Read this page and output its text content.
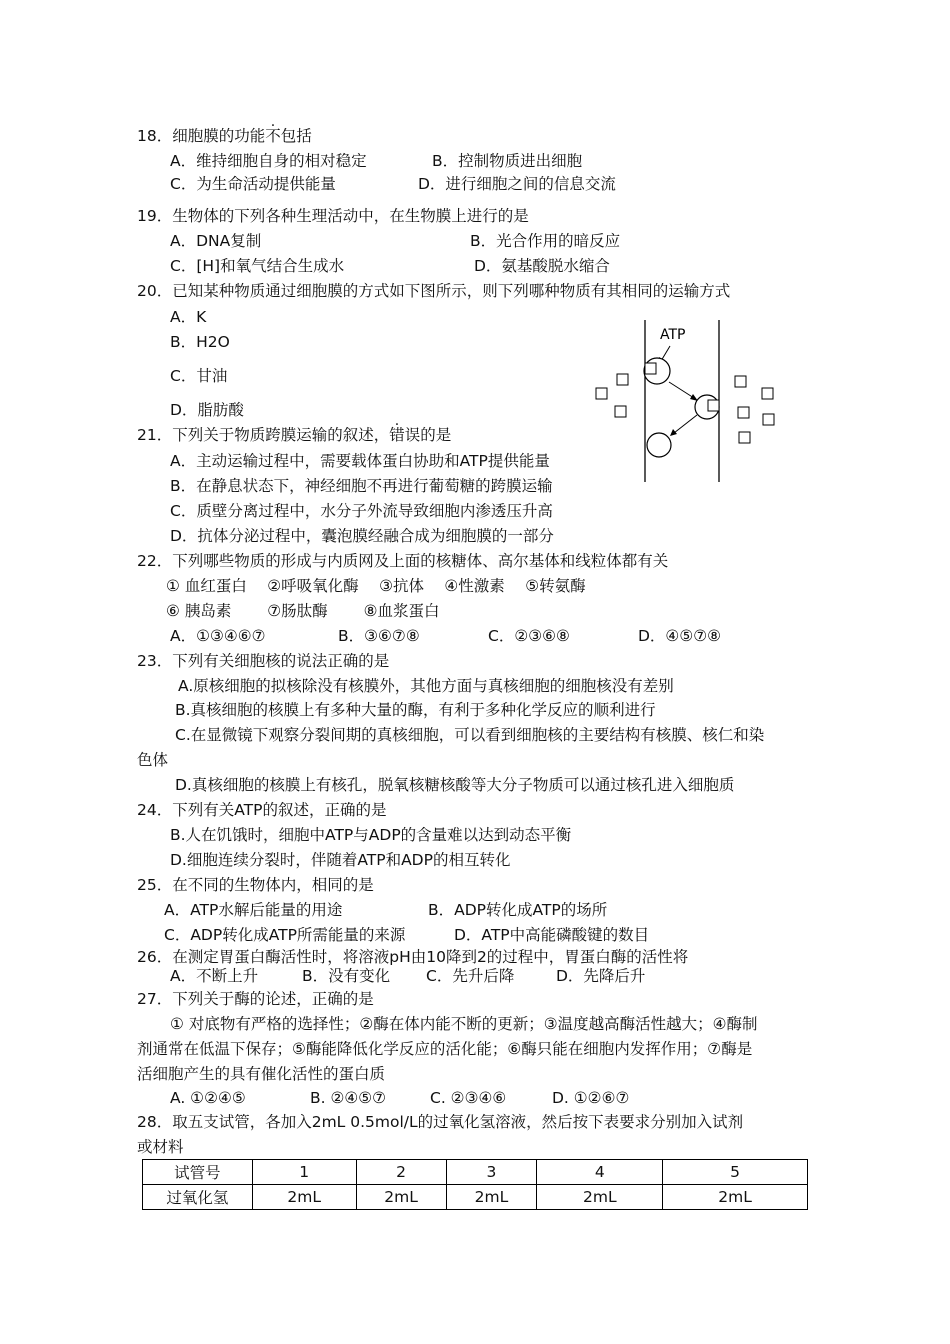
18．细胞膜的功能不包括
A．维持细胞自身的相对稳定	B．控制物质进出细胞
C．为生命活动提供能量	D．进行细胞之间的信息交流
19．生物体的下列各种生理活动中，在生物膜上进行的是
A．DNA复制	B．光合作用的暗反应
C．[H]和氧气结合生成水	D．氨基酸脱水缩合
20．已知某种物质通过细胞膜的方式如下图所示，则下列哪种物质有其相同的运输方式
A．K
B．H2O
C．甘油
D．脂肪酸
ATP
21．下列关于物质跨膜运输的叙述，错误的是
A．主动运输过程中，需要载体蛋白协助和ATP提供能量
B．在静息状态下，神经细胞不再进行葡萄糖的跨膜运输
C．质壁分离过程中，水分子外流导致细胞内渗透压升高
D．抗体分泌过程中，囊泡膜经融合成为细胞膜的一部分
22．下列哪些物质的形成与内质网及上面的核糖体、高尔基体和线粒体都有关
① 血红蛋白　 ②呼吸氧化酶　 ③抗体　 ④性激素　 ⑤转氨酶
⑥ 胰岛素　　 ⑦肠肽酶　　 ⑧血浆蛋白
A．①③④⑥⑦	B．③⑥⑦⑧	C．②③⑥⑧	D．④⑤⑦⑧
23．下列有关细胞核的说法正确的是
A.原核细胞的拟核除没有核膜外，其他方面与真核细胞的细胞核没有差别
B.真核细胞的核膜上有多种大量的酶，有利于多种化学反应的顺利进行
C.在显微镜下观察分裂间期的真核细胞，可以看到细胞核的主要结构有核膜、核仁和染
色体
D.真核细胞的核膜上有核孔，脱氧核糖核酸等大分子物质可以通过核孔进入细胞质
24．下列有关ATP的叙述，正确的是
B.人在饥饿时，细胞中ATP与ADP的含量难以达到动态平衡
D.细胞连续分裂时，伴随着ATP和ADP的相互转化
25．在不同的生物体内，相同的是
A．ATP水解后能量的用途	B．ADP转化成ATP的场所
C．ADP转化成ATP所需能量的来源	D．ATP中高能磷酸键的数目
26．在测定胃蛋白酶活性时，将溶液pH由10降到2的过程中，胃蛋白酶的活性将
A．不断上升	B．没有变化 C．先升后降	D．先降后升
27．下列关于酶的论述，正确的是
① 对底物有严格的选择性；②酶在体内能不断的更新；③温度越高酶活性越大；④酶制
剂通常在低温下保存；⑤酶能降低化学反应的活化能；⑥酶只能在细胞内发挥作用；⑦酶是
活细胞产生的具有催化活性的蛋白质
A. ①②④⑤	B. ②④⑤⑦	C. ②③④⑥	D. ①②⑥⑦
28．取五支试管，各加入2mL 0.5mol/L的过氧化氢溶液，然后按下表要求分别加入试剂
或材料
试管号	1	2	3	4	5
过氧化氢	2mL	2mL	2mL	2mL	2mL
